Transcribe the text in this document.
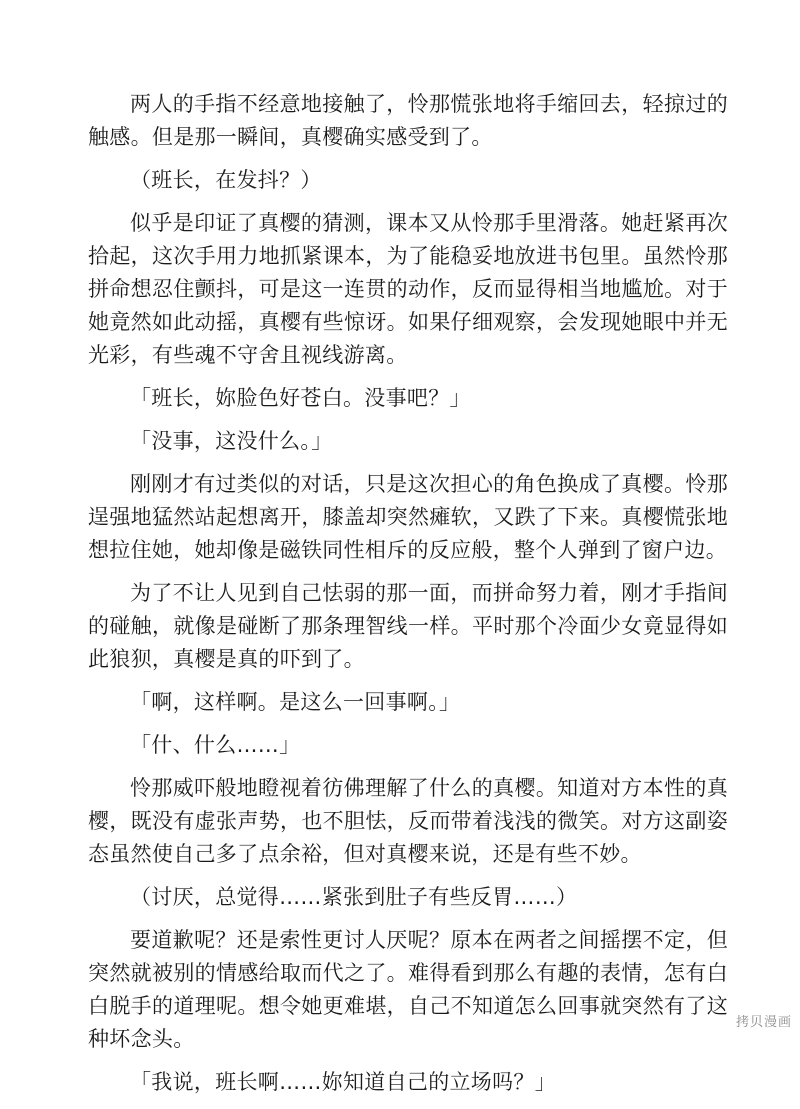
两人的手指不经意地接触了，怜那慌张地将手缩回去，轻掠过的触感。但是那一瞬间，真樱确实感受到了。

（班长，在发抖？）

似乎是印证了真樱的猜测，课本又从怜那手里滑落。她赶紧再次拾起，这次手用力地抓紧课本，为了能稳妥地放进书包里。虽然怜那拼命想忍住颤抖，可是这一连贯的动作，反而显得相当地尴尬。对于她竟然如此动摇，真樱有些惊讶。如果仔细观察，会发现她眼中并无光彩，有些魂不守舍且视线游离。

「班长，妳脸色好苍白。没事吧？」

「没事，这没什么。」

刚刚才有过类似的对话，只是这次担心的角色换成了真樱。怜那逞强地猛然站起想离开，膝盖却突然瘫软，又跌了下来。真樱慌张地想拉住她，她却像是磁铁同性相斥的反应般，整个人弹到了窗户边。

为了不让人见到自己怯弱的那一面，而拼命努力着，刚才手指间的碰触，就像是碰断了那条理智线一样。平时那个冷面少女竟显得如此狼狈，真樱是真的吓到了。

「啊，这样啊。是这么一回事啊。」

「什、什么……」

怜那威吓般地瞪视着彷佛理解了什么的真樱。知道对方本性的真樱，既没有虚张声势，也不胆怯，反而带着浅浅的微笑。对方这副姿态虽然使自己多了点余裕，但对真樱来说，还是有些不妙。

（讨厌，总觉得……紧张到肚子有些反胃……）

要道歉呢？还是索性更讨人厌呢？原本在两者之间摇摆不定，但突然就被别的情感给取而代之了。难得看到那么有趣的表情，怎有白白脱手的道理呢。想令她更难堪，自己不知道怎么回事就突然有了这种坏念头。

「我说，班长啊……妳知道自己的立场吗？」

拷贝漫画
